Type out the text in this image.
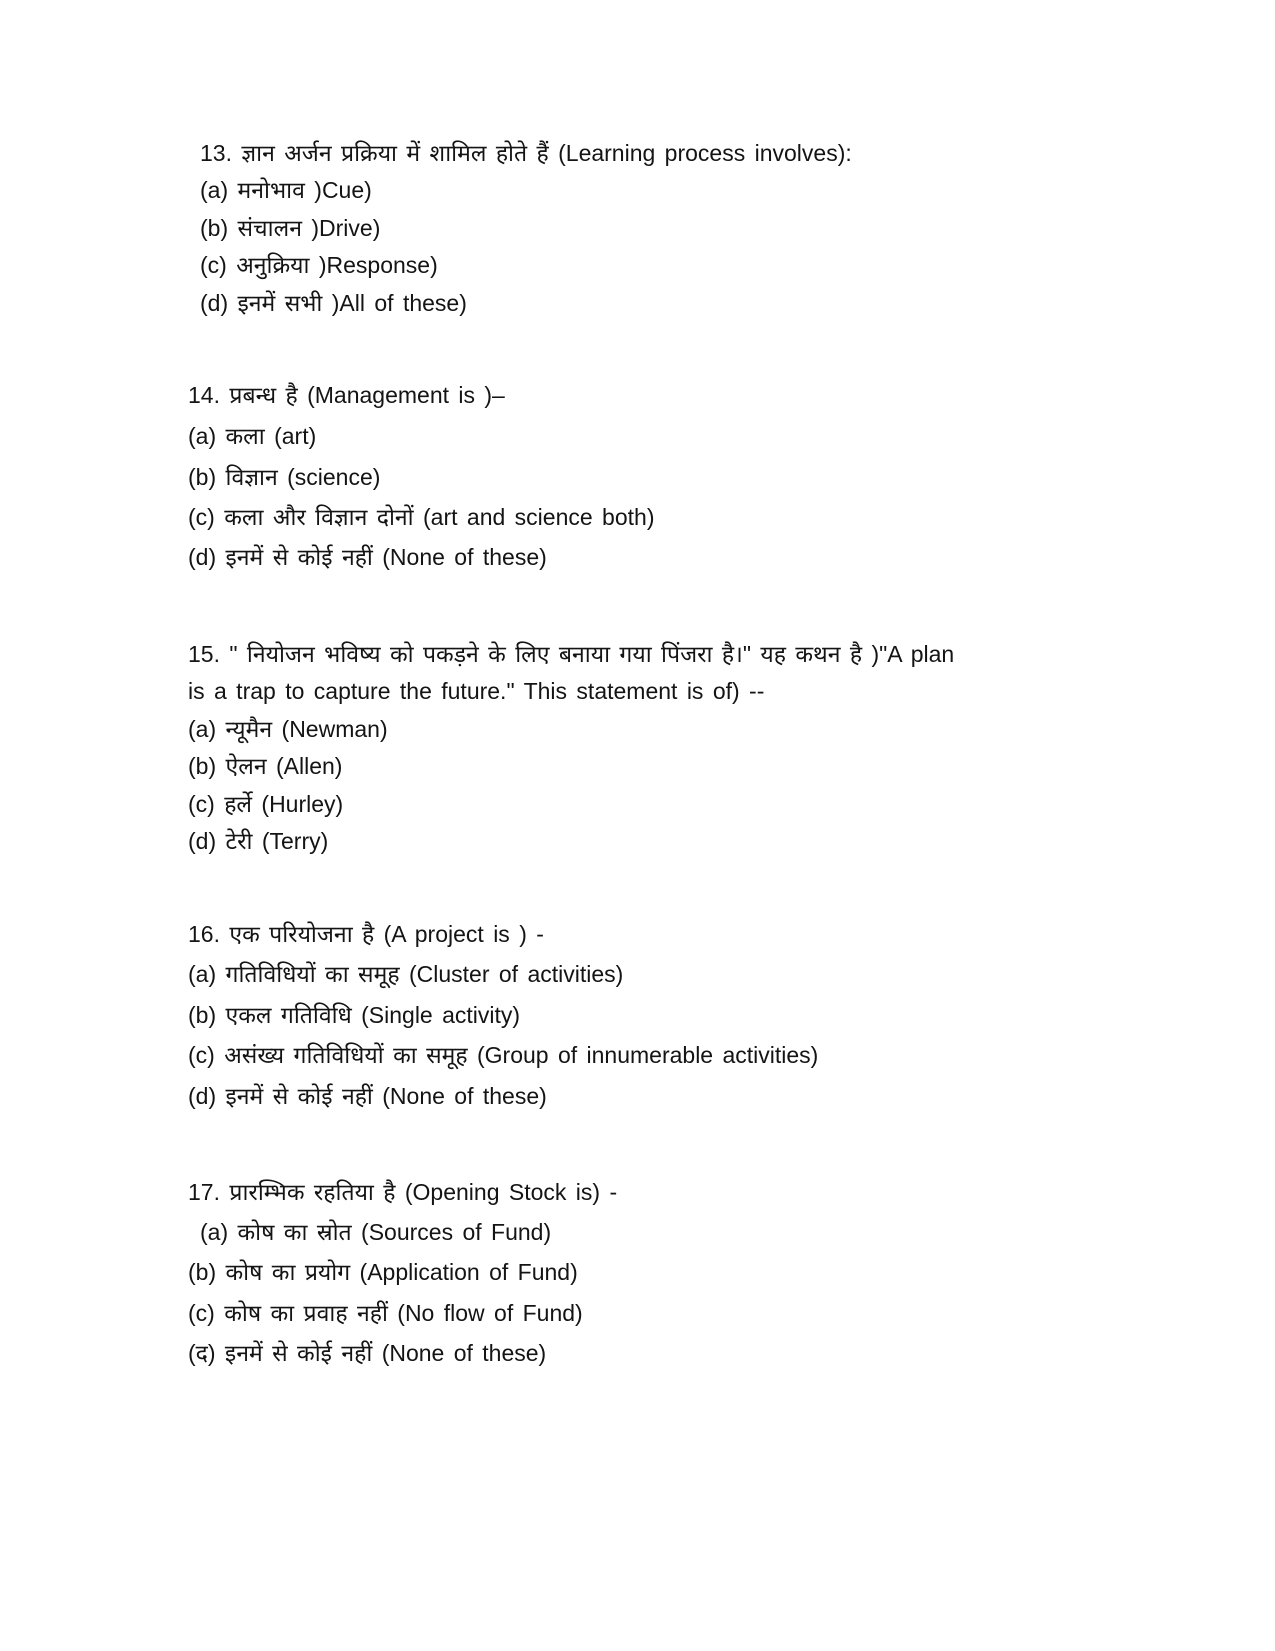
13. ज्ञान अर्जन प्रक्रिया में शामिल होते हैं (Learning process involves):
(a) मनोभाव )Cue)
(b) संचालन )Drive)
(c) अनुक्रिया )Response)
(d) इनमें सभी )All of these)
14. प्रबन्ध है (Management is )–
(a) कला (art)
(b) विज्ञान (science)
(c) कला और विज्ञान दोनों (art and science both)
(d) इनमें से कोई नहीं (None of these)
15. " नियोजन भविष्य को पकड़ने के लिए बनाया गया पिंजरा है।" यह कथन है )"A plan
is a trap to capture the future." This statement is of) --
(a) न्यूमैन (Newman)
(b) ऐलन (Allen)
(c) हर्ले (Hurley)
(d) टेरी (Terry)
16. एक परियोजना है (A project is ) -
(a) गतिविधियों का समूह (Cluster of activities)
(b) एकल गतिविधि (Single activity)
(c) असंख्य गतिविधियों का समूह (Group of innumerable activities)
(d) इनमें से कोई नहीं (None of these)
17. प्रारम्भिक रहतिया है (Opening Stock is) -
(a) कोष का स्रोत (Sources of Fund)
(b) कोष का प्रयोग (Application of Fund)
(c) कोष का प्रवाह नहीं (No flow of Fund)
(द) इनमें से कोई नहीं (None of these)
